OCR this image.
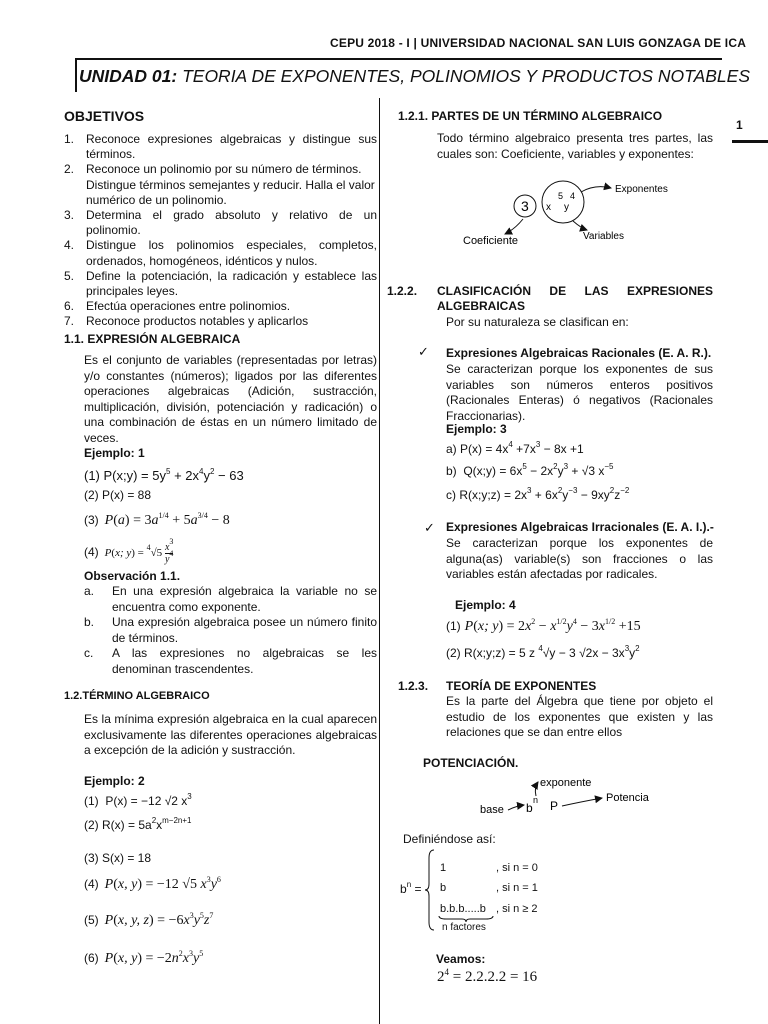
CEPU 2018 - I | UNIVERSIDAD NACIONAL SAN LUIS GONZAGA DE ICA
UNIDAD 01: TEORIA DE EXPONENTES, POLINOMIOS Y PRODUCTOS NOTABLES
1
OBJETIVOS
1. Reconoce expresiones algebraicas y distingue sus términos.
2. Reconoce un polinomio por su número de términos. Distingue términos semejantes y reducir. Halla el valor numérico de un polinomio.
3. Determina el grado absoluto y relativo de un polinomio.
4. Distingue los polinomios especiales, completos, ordenados, homogéneos, idénticos y nulos.
5. Define la potenciación, la radicación y establece las principales leyes.
6. Efectúa operaciones entre polinomios.
7. Reconoce productos notables y aplicarlos
1.1. EXPRESIÓN ALGEBRAICA
Es el conjunto de variables (representadas por letras) y/o constantes (números); ligados por las diferentes operaciones algebraicas (Adición, sustracción, multiplicación, división, potenciación y radicación) o una combinación de éstas en un número limitado de veces.
Ejemplo: 1
(1) P(x;y) = $5y^5 + 2x^4y^2 - 63$
(2) P(x) = 88
(3) $P(a) = 3a^{1/4} + 5a^{3/4} - 8$
(4) P(x; $y) = ^4√5 \frac{x^3}{y^4}$
Observación 1.1.
a.	En una expresión algebraica la variable no se encuentra como exponente.
b.	Una expresión algebraica posee un número finito de términos.
c.	A las expresiones no algebraicas se les denominan trascendentes.
1.2.TÉRMINO ALGEBRAICO
Es la mínima expresión algebraica en la cual aparecen exclusivamente las diferentes operaciones algebraicas a excepción de la adición y sustracción.
Ejemplo: 2
(1)  P(x) = −12 √2 $x^3$
(2) $R(x) = 5a^2x^{m-2n+1}$
(3) S(x) = 18
(4) P(x, y) = −12 √5 $x^3y^6$
(5) P(x, y, $z) = -6x^3y^5z^7$
(6) P(x, $y) = -2n^2x^3y^5$
1.2.1. PARTES DE UN TÉRMINO ALGEBRAICO
Todo término algebraico presenta tres partes, las cuales son: Coeficiente, variables y exponentes:
3 x y
5 4
Exponentes
Coeficiente	Variables
1.2.2. CLASIFICACIÓN DE LAS EXPRESIONES ALGEBRAICAS
Por su naturaleza se clasifican en:
✓ Expresiones Algebraicas Racionales (E. A. R.).
Se caracterizan porque los exponentes de sus variables son números enteros positivos (Racionales Enteras) ó negativos (Racionales Fraccionarias).
Ejemplo: 3
a) $P(x) = 4x^4 +7x^3 - 8x +1$
b)  Q(x;y) = $6x^5 - 2x^2y^3 + √3$ $x^{-5}$
c) R(x;y;z) = $2x^3 + 6x^2y^{-3} - 9xy^2z^{-2}$
✓ Expresiones Algebraicas Irracionales (E. A. I.).-
Se caracterizan porque los exponentes de alguna(as) variable(s) son fracciones o las variables están afectadas por radicales.
Ejemplo: 4
(1) P(x; $y) = 2x^2 - x^{1/2}y^4 - 3x^{1/2} +15$
(2) R(x;y;z) = 5 z $^4$√y − 3 $√2x - 3x^3y^2$
1.2.3. TEORÍA DE EXPONENTES
Es la parte del Álgebra que tiene por objeto el estudio de los exponentes que existen y las relaciones que se dan entre ellos
POTENCIACIÓN.
b
n P
base
exponente
Potencia
Definiéndose así:
$b^n$ =
1	, si n = 0
b	, si n = 1
b.b.b.....b , si n ≥ 2
n factores
Veamos:
$2^4 = 2.2.2.2 = 16$
